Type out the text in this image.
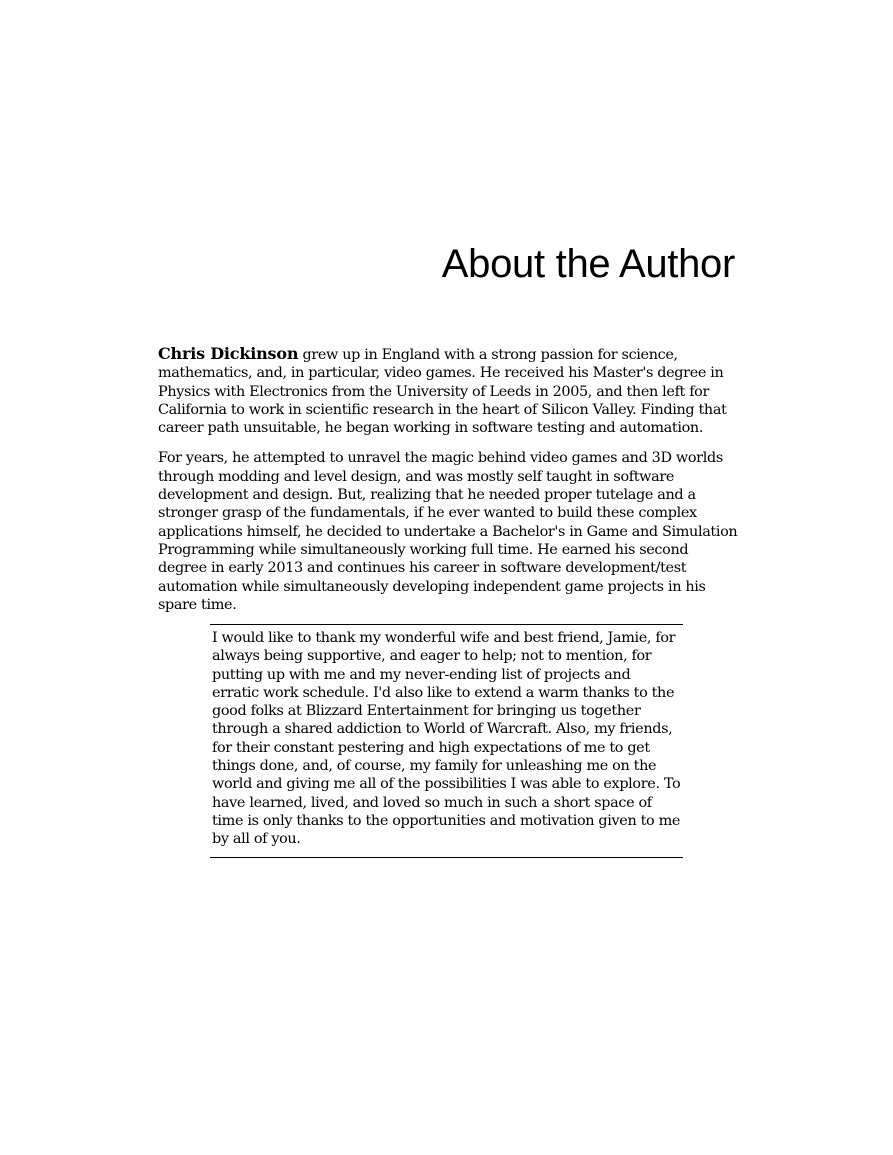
About the Author

Chris Dickinson grew up in England with a strong passion for science, mathematics, and, in particular, video games. He received his Master's degree in Physics with Electronics from the University of Leeds in 2005, and then left for California to work in scientific research in the heart of Silicon Valley. Finding that career path unsuitable, he began working in software testing and automation.

For years, he attempted to unravel the magic behind video games and 3D worlds through modding and level design, and was mostly self taught in software development and design. But, realizing that he needed proper tutelage and a stronger grasp of the fundamentals, if he ever wanted to build these complex applications himself, he decided to undertake a Bachelor's in Game and Simulation Programming while simultaneously working full time. He earned his second degree in early 2013 and continues his career in software development/test automation while simultaneously developing independent game projects in his spare time.

I would like to thank my wonderful wife and best friend, Jamie, for always being supportive, and eager to help; not to mention, for putting up with me and my never-ending list of projects and erratic work schedule. I'd also like to extend a warm thanks to the good folks at Blizzard Entertainment for bringing us together through a shared addiction to World of Warcraft. Also, my friends, for their constant pestering and high expectations of me to get things done, and, of course, my family for unleashing me on the world and giving me all of the possibilities I was able to explore. To have learned, lived, and loved so much in such a short space of time is only thanks to the opportunities and motivation given to me by all of you.
